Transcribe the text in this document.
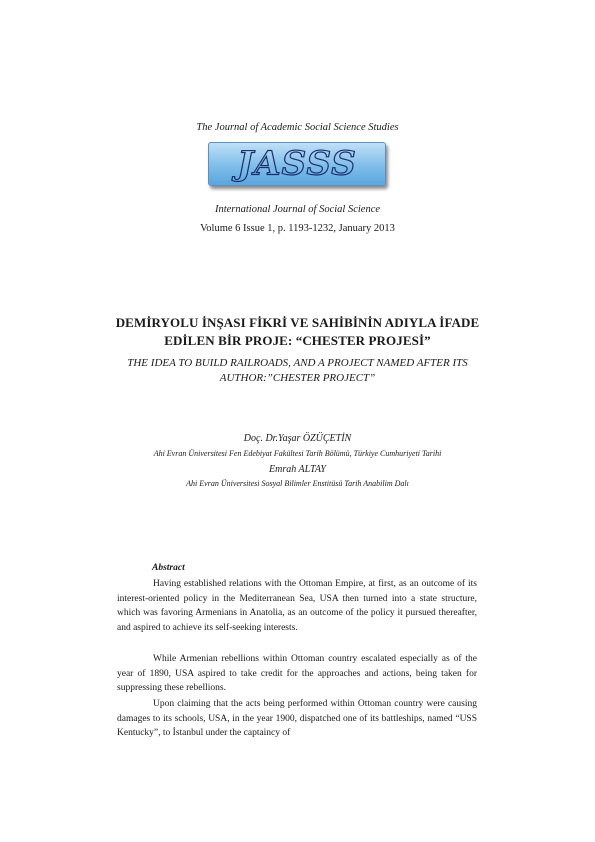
The Journal of Academic Social Science Studies
JASSS
International Journal of Social Science
Volume 6 Issue 1, p. 1193-1232, January 2013
DEMİRYOLU İNŞASI FİKRİ VE SAHİBİNİN ADIYLA İFADE
EDİLEN BİR PROJE: “CHESTER PROJESİ”
THE IDEA TO BUILD RAILROADS, AND A PROJECT NAMED AFTER ITS
AUTHOR:”CHESTER PROJECT”
Doç. Dr.Yaşar ÖZÜÇETİN
Ahi Evran Üniversitesi Fen Edebiyat Fakültesi Tarih Bölümü, Türkiye Cumhuriyeti Tarihi
Emrah ALTAY
Ahi Evran Üniversitesi Sosyal Bilimler Enstitüsü Tarih Anabilim Dalı
Abstract

Having established relations with the Ottoman Empire, at first, as an outcome of its interest-oriented policy in the Mediterranean Sea, USA then turned into a state structure, which was favoring Armenians in Anatolia, as an outcome of the policy it pursued thereafter, and aspired to achieve its self-seeking interests.

While Armenian rebellions within Ottoman country escalated especially as of the year of 1890, USA aspired to take credit for the approaches and actions, being taken for suppressing these rebellions.

Upon claiming that the acts being performed within Ottoman country were causing damages to its schools, USA, in the year 1900, dispatched one of its battleships, named “USS Kentucky”, to İstanbul under the captaincy of
